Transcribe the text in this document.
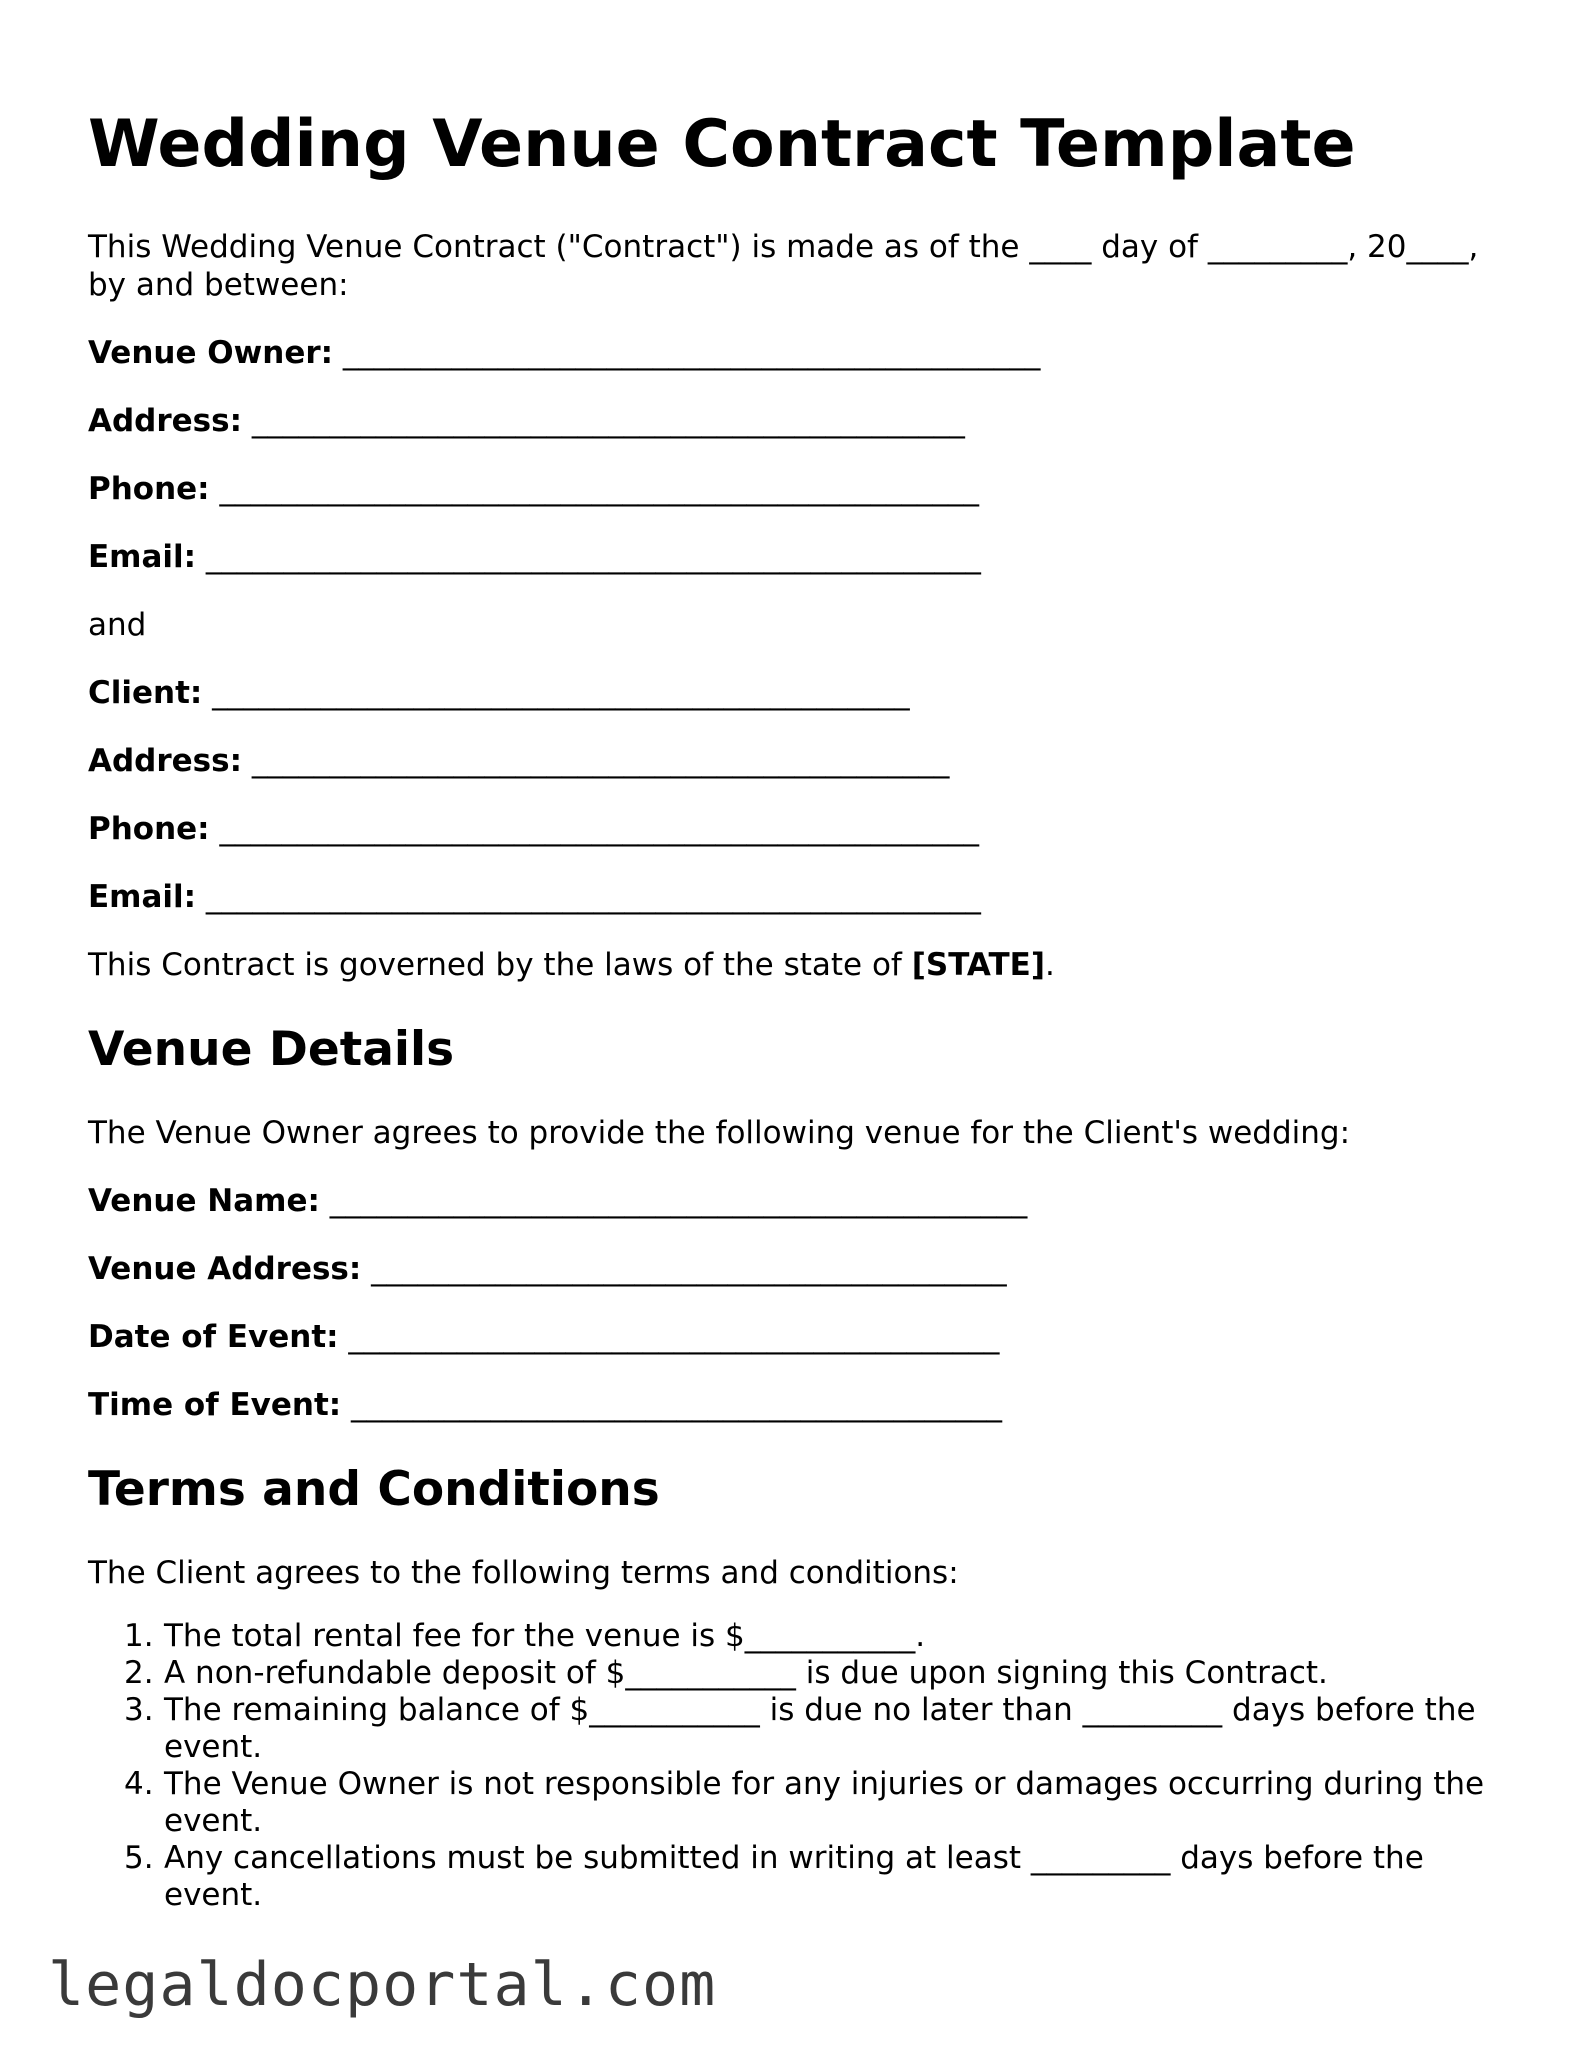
Wedding Venue Contract Template

This Wedding Venue Contract ("Contract") is made as of the ____ day of _________, 20____, by and between:

Venue Owner: _____________________________________________

Address: ______________________________________________

Phone: _________________________________________________

Email: __________________________________________________

and

Client: _____________________________________________

Address: _____________________________________________

Phone: _________________________________________________

Email: __________________________________________________

This Contract is governed by the laws of the state of [STATE].

Venue Details

The Venue Owner agrees to provide the following venue for the Client's wedding:

Venue Name: _____________________________________________

Venue Address: _________________________________________

Date of Event: __________________________________________

Time of Event: __________________________________________

Terms and Conditions

The Client agrees to the following terms and conditions:

1. The total rental fee for the venue is $___________.
2. A non-refundable deposit of $___________ is due upon signing this Contract.
3. The remaining balance of $___________ is due no later than _________ days before the event.
4. The Venue Owner is not responsible for any injuries or damages occurring during the event.
5. Any cancellations must be submitted in writing at least _________ days before the event.
legaldocportal.com
